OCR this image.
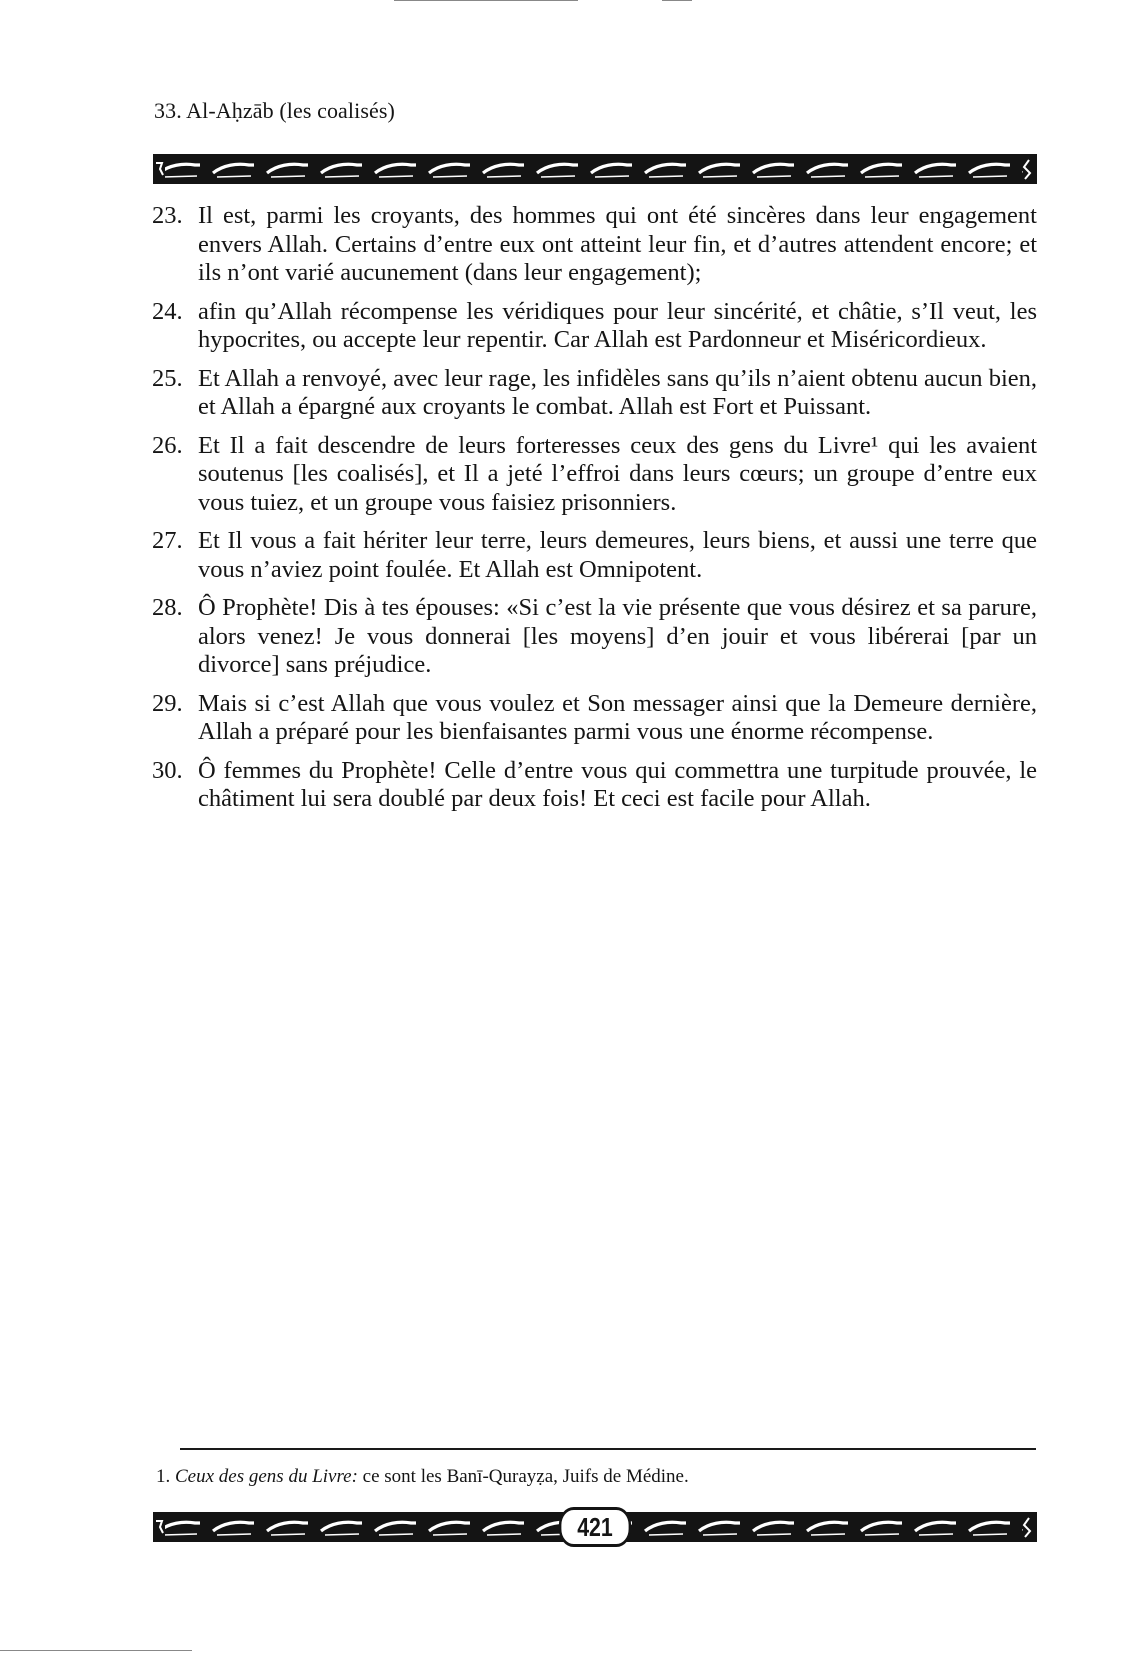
33. Al-Aḥzāb (les coalisés)
23. Il est, parmi les croyants, des hommes qui ont été sincères dans leur engagement envers Allah. Certains d’entre eux ont atteint leur fin, et d’autres attendent encore; et ils n’ont varié aucunement (dans leur engagement);
24. afin qu’Allah récompense les véridiques pour leur sincérité, et châtie, s’Il veut, les hypocrites, ou accepte leur repentir. Car Allah est Pardonneur et Miséricordieux.
25. Et Allah a renvoyé, avec leur rage, les infidèles sans qu’ils n’aient obtenu aucun bien, et Allah a épargné aux croyants le combat. Allah est Fort et Puissant.
26. Et Il a fait descendre de leurs forteresses ceux des gens du Livre¹ qui les avaient soutenus [les coalisés], et Il a jeté l’effroi dans leurs cœurs; un groupe d’entre eux vous tuiez, et un groupe vous faisiez prisonniers.
27. Et Il vous a fait hériter leur terre, leurs demeures, leurs biens, et aussi une terre que vous n’aviez point foulée. Et Allah est Omnipotent.
28. Ô Prophète! Dis à tes épouses: «Si c’est la vie présente que vous désirez et sa parure, alors venez! Je vous donnerai [les moyens] d’en jouir et vous libérerai [par un divorce] sans préjudice.
29. Mais si c’est Allah que vous voulez et Son messager ainsi que la Demeure dernière, Allah a préparé pour les bienfaisantes parmi vous une énorme récompense.
30. Ô femmes du Prophète! Celle d’entre vous qui commettra une turpitude prouvée, le châtiment lui sera doublé par deux fois! Et ceci est facile pour Allah.
1. Ceux des gens du Livre: ce sont les Banī-Qurayẓa, Juifs de Médine.
421
